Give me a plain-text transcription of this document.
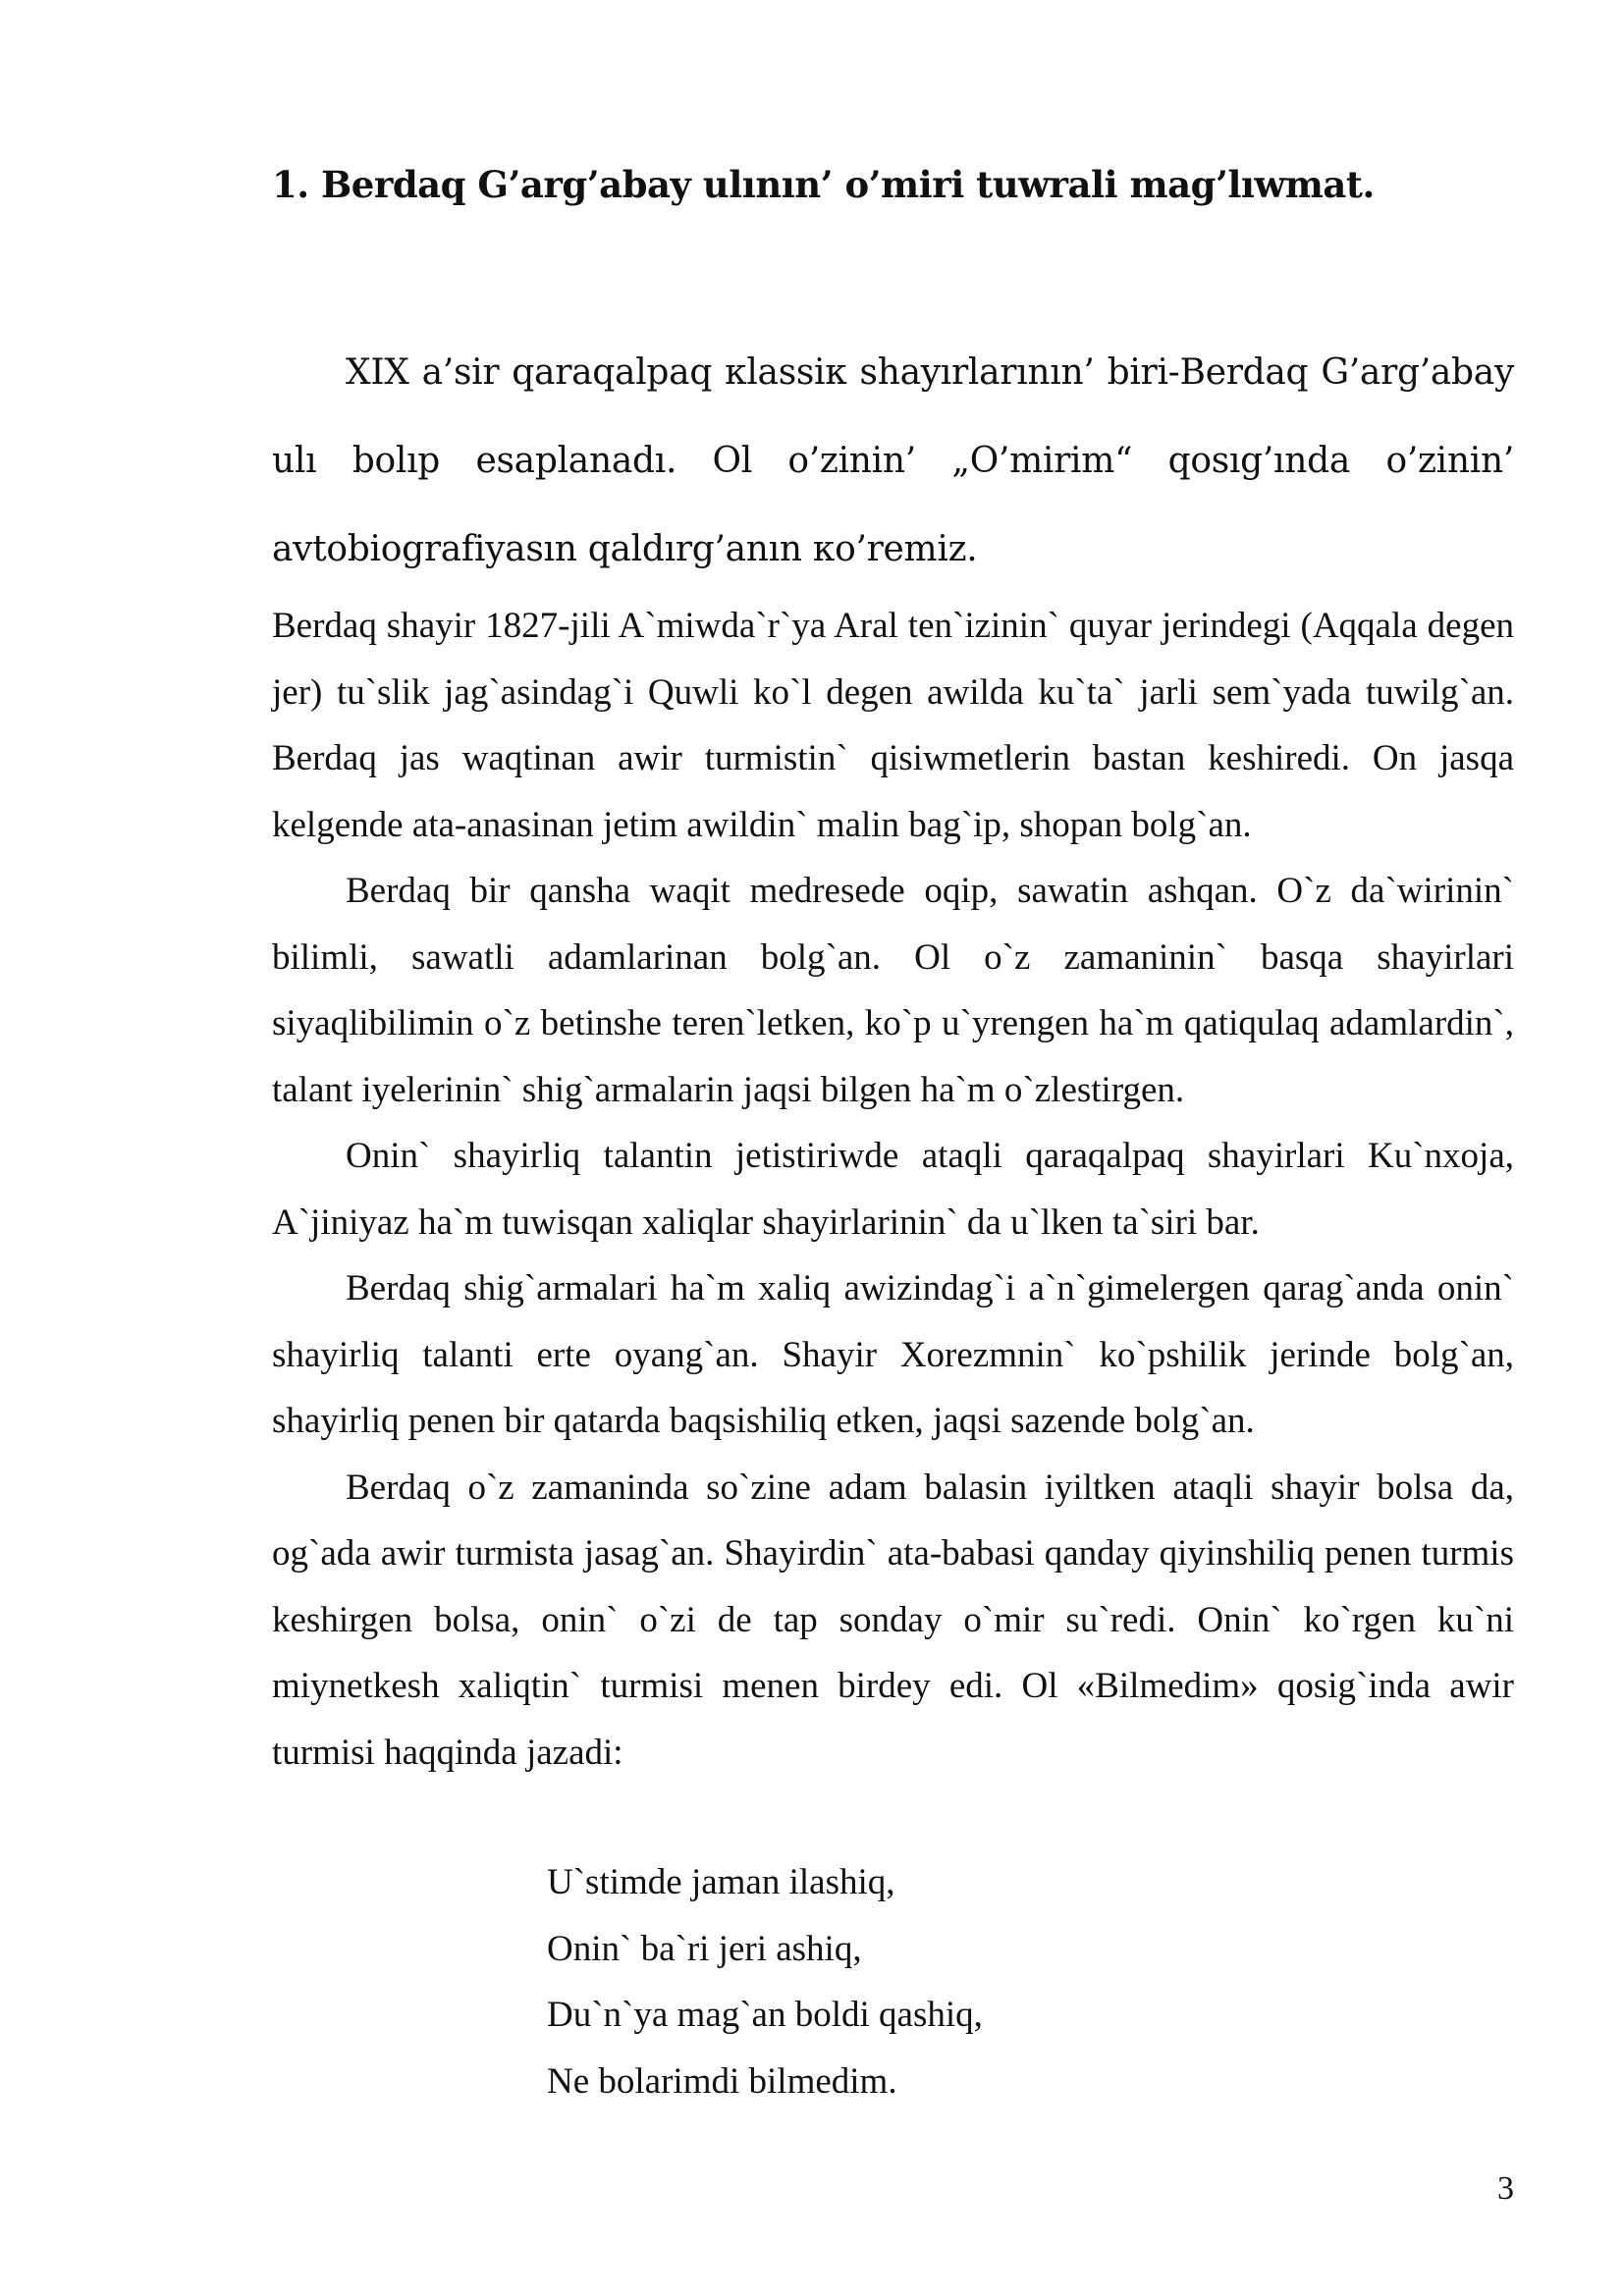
1. Berdaq G’arg’abay ulının’ o’miri tuwrali mag’lıwmat.
XIX a’sir qaraqalpaq кlassiк shayırlarının’ biri-Berdaq G’arg’abay ulı bolıp esaplanadı. Ol o’zinin’ „O’mirim“ qosıg’ında o’zinin’ avtobiografiyasın qaldırg’anın кo’remiz.

Berdaq shayir 1827-jili A`miwda`r`ya Aral ten`izinin` quyar jerindegi (Aqqala degen jer) tu`slik jag`asindag`i Quwli ko`l degen awilda ku`ta` jarli sem`yada tuwilg`an. Berdaq jas waqtinan awir turmistin` qisiwmetlerin bastan keshiredi. On jasqa kelgende ata-anasinan jetim awildin` malin bag`ip, shopan bolg`an.

Berdaq bir qansha waqit medresede oqip, sawatin ashqan. O`z da`wirinin` bilimli, sawatli adamlarinan bolg`an. Ol o`z zamaninin` basqa shayirlari siyaqlibilimin o`z betinshe teren`letken, ko`p u`yrengen ha`m qatiqulaq adamlardin`, talant iyelerinin` shig`armalarin jaqsi bilgen ha`m o`zlestirgen.

Onin` shayirliq talantin jetistiriwde ataqli qaraqalpaq shayirlari Ku`nxoja, A`jiniyaz ha`m tuwisqan xaliqlar shayirlarinin` da u`lken ta`siri bar.

Berdaq shig`armalari ha`m xaliq awizindag`i a`n`gimelergen qarag`anda onin` shayirliq talanti erte oyang`an. Shayir Xorezmnin` ko`pshilik jerinde bolg`an, shayirliq penen bir qatarda baqsishiliq etken, jaqsi sazende bolg`an.

Berdaq o`z zamaninda so`zine adam balasin iyiltken ataqli shayir bolsa da, og`ada awir turmista jasag`an. Shayirdin` ata-babasi qanday qiyinshiliq penen turmis keshirgen bolsa, onin` o`zi de tap sonday o`mir su`redi. Onin` ko`rgen ku`ni miynetkesh xaliqtin` turmisi menen birdey edi. Ol «Bilmedim» qosig`inda awir turmisi haqqinda jazadi:

U`stimde jaman ilashiq,
Onin` ba`ri jeri ashiq,
Du`n`ya mag`an boldi qashiq,
Ne bolarimdi bilmedim.
3
